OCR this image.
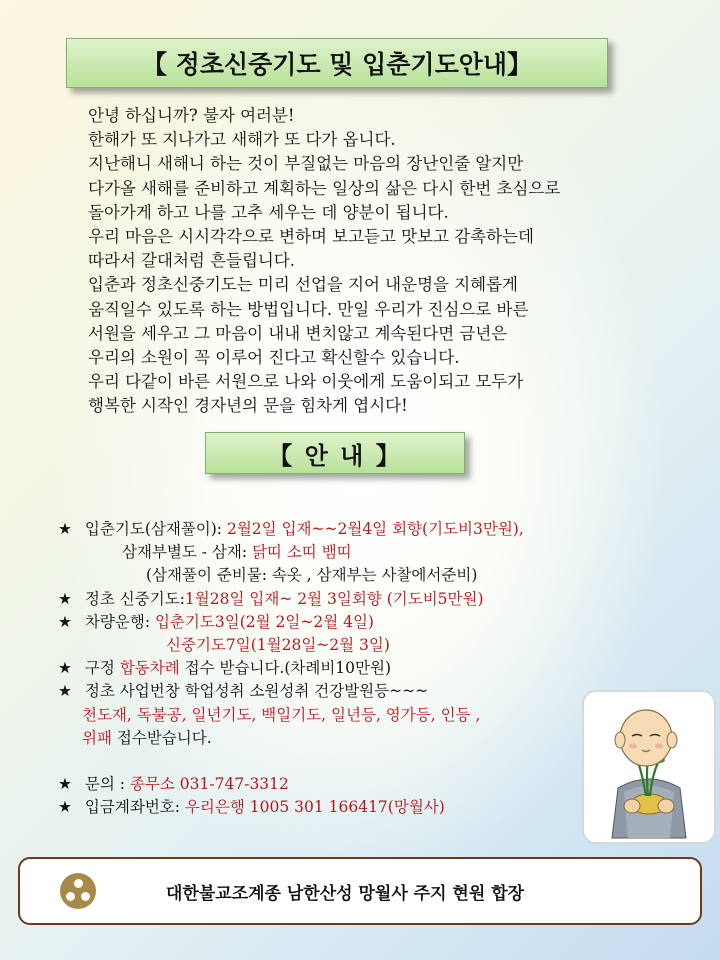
【 정초신중기도 및 입춘기도안내】
안녕 하십니까? 불자 여러분!
한해가 또 지나가고 새해가 또 다가 옵니다.
지난해니 새해니 하는 것이 부질없는 마음의 장난인줄 알지만
다가올 새해를 준비하고 계획하는 일상의 삶은 다시 한번 초심으로
돌아가게 하고 나를 고추 세우는 데 양분이 됩니다.
우리 마음은 시시각각으로 변하며 보고듣고 맛보고 감촉하는데
따라서 갈대처럼 흔들립니다.
입춘과 정초신중기도는 미리 선업을 지어 내운명을 지혜롭게
움직일수 있도록 하는 방법입니다. 만일 우리가 진심으로 바른
서원을 세우고 그 마음이 내내 변치않고 계속된다면 금년은
우리의 소원이 꼭 이루어 진다고 확신할수 있습니다.
우리 다같이 바른 서원으로 나와 이웃에게 도움이되고 모두가
행복한 시작인 경자년의 문을 힘차게 엽시다!
【 안 내 】
★ 입춘기도(삼재풀이): 2월2일 입재~~2월4일 회향(기도비3만원),
삼재부별도 - 삼재: 닭띠 소띠 뱀띠
(삼재풀이 준비물: 속옷 , 삼재부는 사찰에서준비)
★ 정초 신중기도:1월28일 입재~ 2월 3일회향 (기도비5만원)
★ 차량운행: 입춘기도3일(2월 2일~2월 4일)
신중기도7일(1월28일~2월 3일)
★ 구정 합동차례 접수 받습니다.(차례비10만원)
★ 정초 사업번창 학업성취 소원성취 건강발원등~~~
천도재, 독불공, 일년기도, 백일기도, 일년등, 영가등, 인등 ,
위패 접수받습니다.
★ 문의 : 종무소 031-747-3312
★ 입금계좌번호: 우리은행 1005 301 166417(망월사)
대한불교조계종 남한산성 망월사 주지 현원 합장
